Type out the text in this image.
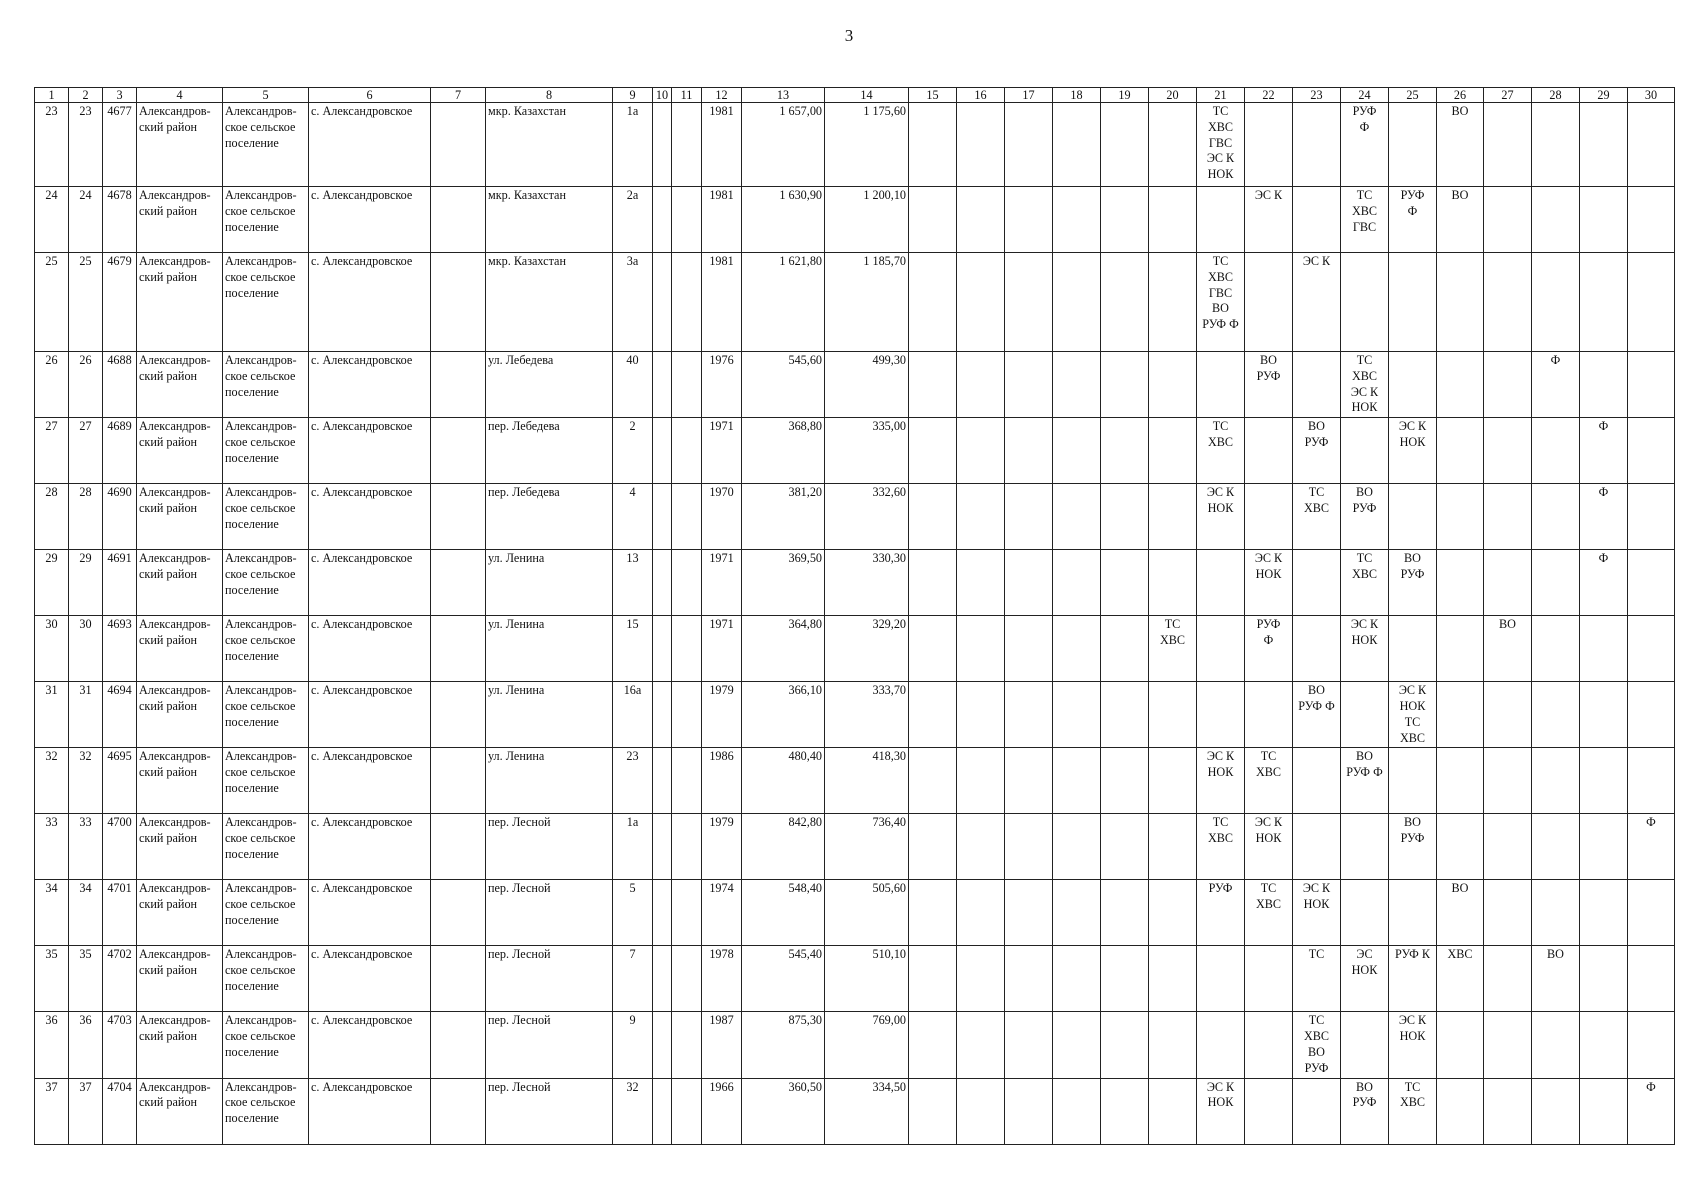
3
1	2	3	4	5	6	7	8	9	10	11	12	13	14	15	16	17	18	19	20	21	22	23	24	25	26	27	28	29	30
23	23	4677	Александров-
ский район	Александров-
ское сельское
поселение	с. Александровское		мкр. Казахстан	1а			1981	1 657,00	1 175,60							ТС
ХВС
ГВС
ЭС К
НОК			РУФ
Ф		ВО				
24	24	4678	Александров-
ский район	Александров-
ское сельское
поселение	с. Александровское		мкр. Казахстан	2а			1981	1 630,90	1 200,10								ЭС К		ТС
ХВС
ГВС	РУФ
Ф	ВО				
25	25	4679	Александров-
ский район	Александров-
ское сельское
поселение	с. Александровское		мкр. Казахстан	3а			1981	1 621,80	1 185,70							ТС
ХВС
ГВС
ВО
РУФ Ф		ЭС К							
26	26	4688	Александров-
ский район	Александров-
ское сельское
поселение	с. Александровское		ул. Лебедева	40			1976	545,60	499,30								ВО
РУФ		ТС
ХВС
ЭС К
НОК				Ф		
27	27	4689	Александров-
ский район	Александров-
ское сельское
поселение	с. Александровское		пер. Лебедева	2			1971	368,80	335,00							ТС
ХВС		ВО
РУФ		ЭС К
НОК				Ф	
28	28	4690	Александров-
ский район	Александров-
ское сельское
поселение	с. Александровское		пер. Лебедева	4			1970	381,20	332,60							ЭС К
НОК		ТС
ХВС	ВО
РУФ					Ф	
29	29	4691	Александров-
ский район	Александров-
ское сельское
поселение	с. Александровское		ул. Ленина	13			1971	369,50	330,30								ЭС К
НОК		ТС
ХВС	ВО
РУФ				Ф	
30	30	4693	Александров-
ский район	Александров-
ское сельское
поселение	с. Александровское		ул. Ленина	15			1971	364,80	329,20						ТС
ХВС		РУФ
Ф		ЭС К
НОК			ВО			
31	31	4694	Александров-
ский район	Александров-
ское сельское
поселение	с. Александровское		ул. Ленина	16а			1979	366,10	333,70									ВО
РУФ Ф		ЭС К
НОК
ТС
ХВС					
32	32	4695	Александров-
ский район	Александров-
ское сельское
поселение	с. Александровское		ул. Ленина	23			1986	480,40	418,30							ЭС К
НОК	ТС
ХВС		ВО
РУФ Ф						
33	33	4700	Александров-
ский район	Александров-
ское сельское
поселение	с. Александровское		пер. Лесной	1а			1979	842,80	736,40							ТС
ХВС	ЭС К
НОК			ВО
РУФ					Ф
34	34	4701	Александров-
ский район	Александров-
ское сельское
поселение	с. Александровское		пер. Лесной	5			1974	548,40	505,60							РУФ	ТС
ХВС	ЭС К
НОК			ВО				
35	35	4702	Александров-
ский район	Александров-
ское сельское
поселение	с. Александровское		пер. Лесной	7			1978	545,40	510,10									ТС	ЭС
НОК	РУФ К	ХВС		ВО		
36	36	4703	Александров-
ский район	Александров-
ское сельское
поселение	с. Александровское		пер. Лесной	9			1987	875,30	769,00									ТС
ХВС
ВО
РУФ		ЭС К
НОК					
37	37	4704	Александров-
ский район	Александров-
ское сельское
поселение	с. Александровское		пер. Лесной	32			1966	360,50	334,50							ЭС К
НОК			ВО
РУФ	ТС
ХВС					Ф
